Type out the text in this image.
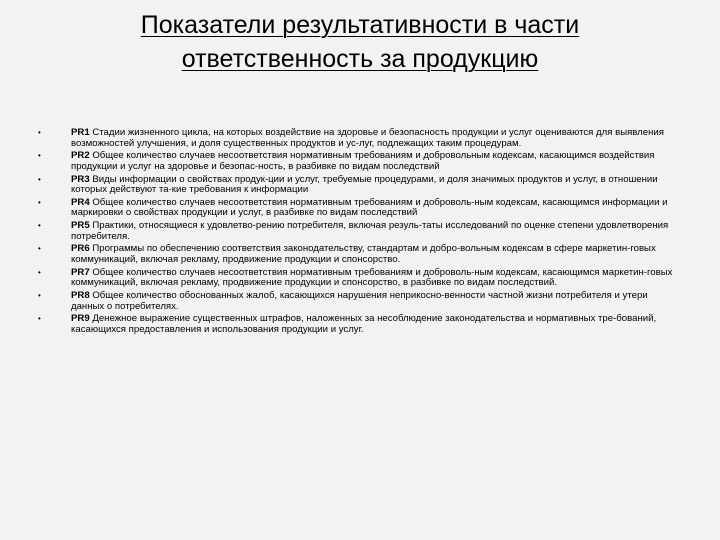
Показатели результативности в части
ответственность за продукцию
•	PR1 Стадии жизненного цикла, на которых воздействие на здоровье и безопасность продукции и услуг оцениваются для выявления возможностей улучшения, и доля существенных продуктов и ус-луг, подлежащих таким процедурам.
•	PR2 Общее количество случаев несоответствия нормативным требованиям и добровольным кодексам, касающимся воздействия продукции и услуг на здоровье и безопас-ность, в разбивке по видам последствий
•	PR3 Виды информации о свойствах продук-ции и услуг, требуемые процедурами, и доля значимых продуктов и услуг, в отношении которых действуют та-кие требования к информации
•	PR4 Общее количество случаев несоответствия нормативным требованиям и доброволь-ным кодексам, касающимся информации и маркировки о свойствах продукции и услуг, в разбивке по видам последствий
•	PR5 Практики, относящиеся к удовлетво-рению потребителя, включая резуль-таты исследований по оценке степени удовлетворения потребителя.
•	PR6 Программы по обеспечению соответствия законодательству, стандартам и добро-вольным кодексам в сфере маркетин-говых коммуникаций, включая рекламу, продвижение продукции и спонсорство.
•	PR7 Общее количество случаев несоответствия нормативным требованиям и доброволь-ным кодексам, касающимся маркетин-говых коммуникаций, включая рекламу, продвижение продукции и спонсорство, в разбивке по видам последствий.
•	PR8 Общее количество обоснованных жалоб, касающихся нарушения неприкосно-венности частной жизни потребителя и утери данных о потребителях.
•	PR9 Денежное выражение существенных штрафов, наложенных за несоблюдение законодательства и нормативных тре-бований, касающихся предоставления и использования продукции и услуг.
